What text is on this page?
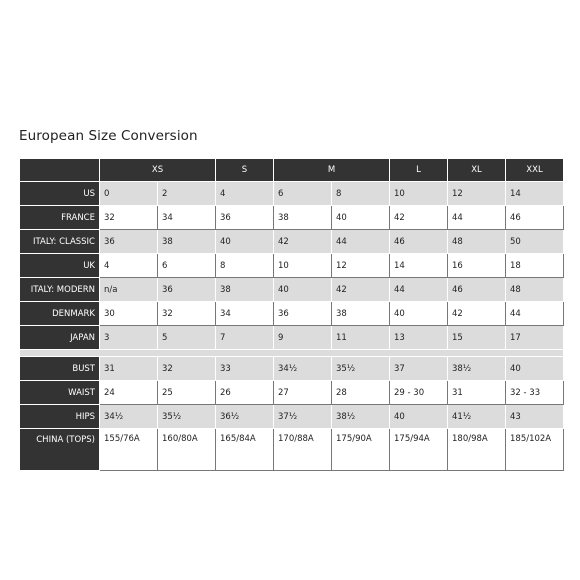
European Size Conversion
	XS		S	M		L	XL	XXL
US	0	2	4	6	8	10	12	14
FRANCE	32	34	36	38	40	42	44	46
ITALY: CLASSIC	36	38	40	42	44	46	48	50
UK	4	6	8	10	12	14	16	18
ITALY: MODERN	n/a	36	38	40	42	44	46	48
DENMARK	30	32	34	36	38	40	42	44
JAPAN	3	5	7	9	11	13	15	17

BUST	31	32	33	34½	35½	37	38½	40
WAIST	24	25	26	27	28	29 - 30	31	32 - 33
HIPS	34½	35½	36½	37½	38½	40	41½	43
CHINA (TOPS)	155/76A	160/80A	165/84A	170/88A	175/90A	175/94A	180/98A	185/102A
